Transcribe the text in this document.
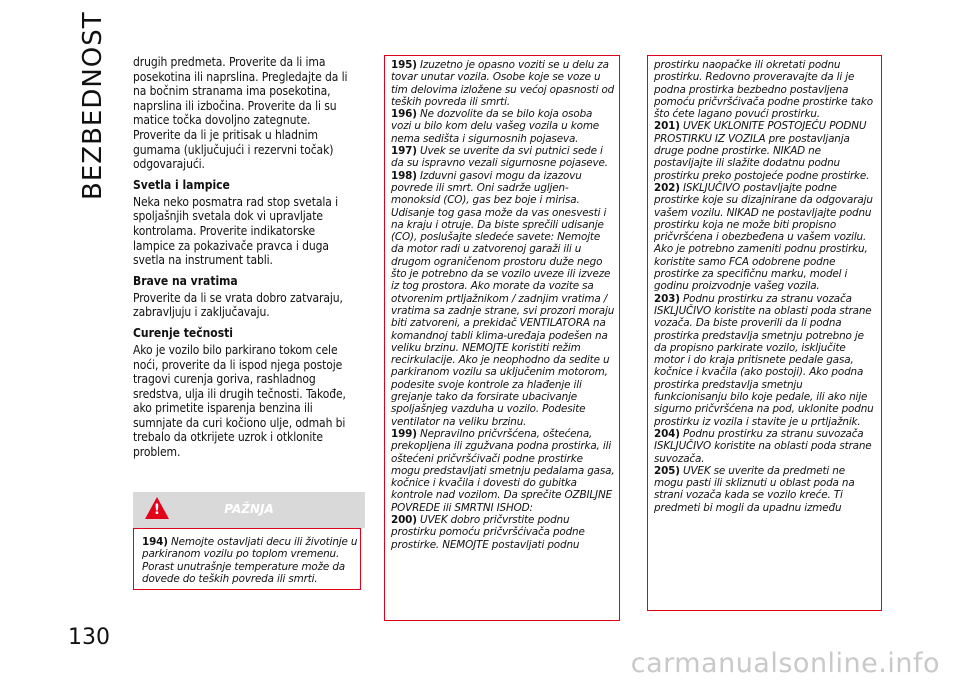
BEZBEDNOST drugih predmeta. Proverite da li ima posekotina ili naprslina. Pregledajte da li na bočnim stranama ima posekotina, naprslina ili izbočina. Proverite da li su matice točka dovoljno zategnute. Proverite da li je pritisak u hladnim gumama (uključujući i rezervni točak) odgovarajući.

Svetla i lampice

Neka neko posmatra rad stop svetala i spoljašnjih svetala dok vi upravljate kontrolama. Proverite indikatorske lampice za pokazivače pravca i duga svetla na instrument tabli.

Brave na vratima

Proverite da li se vrata dobro zatvaraju, zabravljuju i zaključavaju.

Curenje tečnosti

Ako je vozilo bilo parkirano tokom cele noći, proverite da li ispod njega postoje tragovi curenja goriva, rashladnog sredstva, ulja ili drugih tečnosti. Takođe, ako primetite isparenja benzina ili sumnjate da curi kočiono ulje, odmah bi trebalo da otkrijete uzrok i otklonite problem.

!	PAŽNJA

194) Nemojte ostavljati decu ili životinje u parkiranom vozilu po toplom vremenu. Porast unutrašnje temperature može da dovede do teških povreda ili smrti.

195) Izuzetno je opasno voziti se u delu za tovar unutar vozila. Osobe koje se voze u tim delovima izložene su većoj opasnosti od teških povreda ili smrti.

196) Ne dozvolite da se bilo koja osoba vozi u bilo kom delu vašeg vozila u kome nema sedišta i sigurnosnih pojaseva.

197) Uvek se uverite da svi putnici sede i da su ispravno vezali sigurnosne pojaseve.

198) Izduvni gasovi mogu da izazovu povrede ili smrt. Oni sadrže ugljen-monoksid (CO), gas bez boje i mirisa. Udisanje tog gasa može da vas onesvesti i na kraju i otruje. Da biste sprečili udisanje (CO), poslušajte sledeće savete: Nemojte da motor radi u zatvorenoj garaži ili u drugom ograničenom prostoru duže nego što je potrebno da se vozilo uveze ili izveze iz tog prostora. Ako morate da vozite sa otvorenim prtljažnikom / zadnjim vratima / vratima sa zadnje strane, svi prozori moraju biti zatvoreni, a prekidač VENTILATORA na komandnoj tabli klima-uređaja podešen na veliku brzinu. NEMOJTE koristiti režim recirkulacije. Ako je neophodno da sedite u parkiranom vozilu sa uključenim motorom, podesite svoje kontrole za hlađenje ili grejanje tako da forsirate ubacivanje spoljašnjeg vazduha u vozilo. Podesite ventilator na veliku brzinu.

199) Nepravilno pričvršćena, oštećena, prekopljena ili zgužvana podna prostirka, ili oštećeni pričvršćivači podne prostirke mogu predstavljati smetnju pedalama gasa, kočnice i kvačila i dovesti do gubitka kontrole nad vozilom. Da sprečite OZBILJNE POVREDE ili SMRTNI ISHOD:

200) UVEK dobro pričvrstite podnu prostirku pomoću pričvršćivača podne prostirke. NEMOJTE postavljati podnu

prostirku naopačke ili okretati podnu prostirku. Redovno proveravajte da li je podna prostirka bezbedno postavljena pomoću pričvršćivača podne prostirke tako što ćete lagano povući prostirku.

201) UVEK UKLONITE POSTOJEĆU PODNU PROSTIRKU IZ VOZILA pre postavljanja druge podne prostirke. NIKAD ne postavljajte ili slažite dodatnu podnu prostirku preko postojeće podne prostirke.

202) ISKLJUČIVO postavljajte podne prostirke koje su dizajnirane da odgovaraju vašem vozilu. NIKAD ne postavljajte podnu prostirku koja ne može biti propisno pričvršćena i obezbeđena u vašem vozilu. Ako je potrebno zameniti podnu prostirku, koristite samo FCA odobrene podne prostirke za specifičnu marku, model i godinu proizvodnje vašeg vozila.

203) Podnu prostirku za stranu vozača ISKLJUČIVO koristite na oblasti poda strane vozača. Da biste proverili da li podna prostirka predstavlja smetnju potrebno je da propisno parkirate vozilo, isključite motor i do kraja pritisnete pedale gasa, kočnice i kvačila (ako postoji). Ako podna prostirka predstavlja smetnju funkcionisanju bilo koje pedale, ili ako nije sigurno pričvršćena na pod, uklonite podnu prostirku iz vozila i stavite je u prtljažnik.

204) Podnu prostirku za stranu suvozača ISKLJUČIVO koristite na oblasti poda strane suvozača.

205) UVEK se uverite da predmeti ne mogu pasti ili skliznuti u oblast poda na strani vozača kada se vozilo kreće. Ti predmeti bi mogli da upadnu između

130
carmanualsonline.info
